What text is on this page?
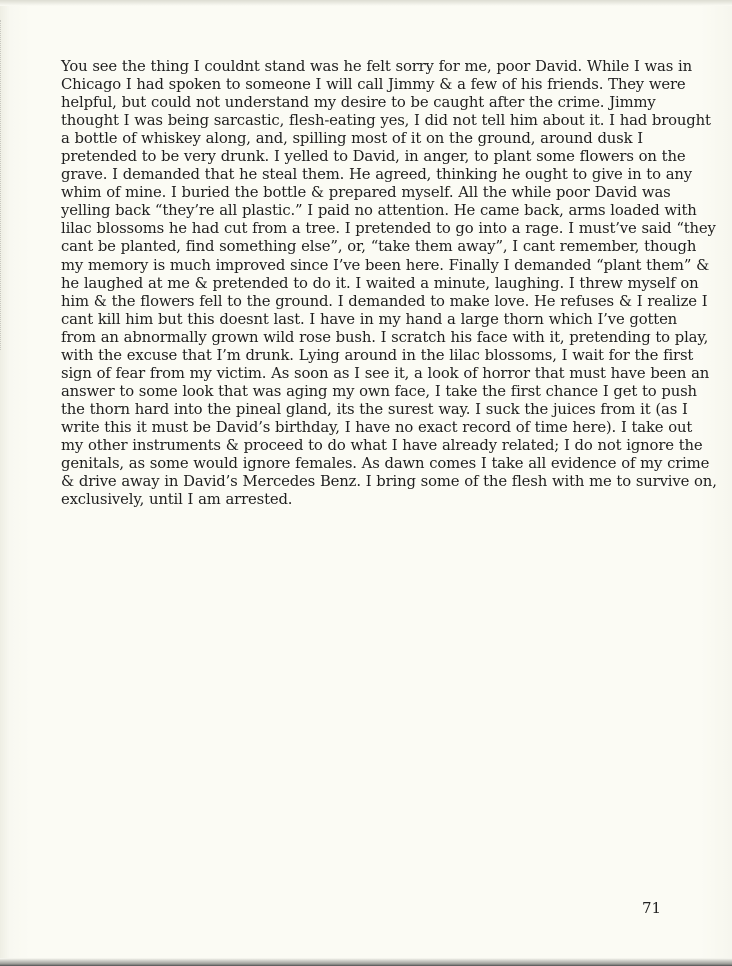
You see the thing I couldnt stand was he felt sorry for me, poor David. While I was in
Chicago I had spoken to someone I will call Jimmy & a few of his friends. They were
helpful, but could not understand my desire to be caught after the crime. Jimmy
thought I was being sarcastic, flesh-eating yes, I did not tell him about it. I had brought
a bottle of whiskey along, and, spilling most of it on the ground, around dusk I
pretended to be very drunk. I yelled to David, in anger, to plant some flowers on the
grave. I demanded that he steal them. He agreed, thinking he ought to give in to any
whim of mine. I buried the bottle & prepared myself. All the while poor David was
yelling back “they’re all plastic.” I paid no attention. He came back, arms loaded with
lilac blossoms he had cut from a tree. I pretended to go into a rage. I must’ve said “they
cant be planted, find something else”, or, “take them away”, I cant remember, though
my memory is much improved since I’ve been here. Finally I demanded “plant them” &
he laughed at me & pretended to do it. I waited a minute, laughing. I threw myself on
him & the flowers fell to the ground. I demanded to make love. He refuses & I realize I
cant kill him but this doesnt last. I have in my hand a large thorn which I’ve gotten
from an abnormally grown wild rose bush. I scratch his face with it, pretending to play,
with the excuse that I’m drunk. Lying around in the lilac blossoms, I wait for the first
sign of fear from my victim. As soon as I see it, a look of horror that must have been an
answer to some look that was aging my own face, I take the first chance I get to push
the thorn hard into the pineal gland, its the surest way. I suck the juices from it (as I
write this it must be David’s birthday, I have no exact record of time here). I take out
my other instruments & proceed to do what I have already related; I do not ignore the
genitals, as some would ignore females. As dawn comes I take all evidence of my crime
& drive away in David’s Mercedes Benz. I bring some of the flesh with me to survive on,
exclusively, until I am arrested.

71
